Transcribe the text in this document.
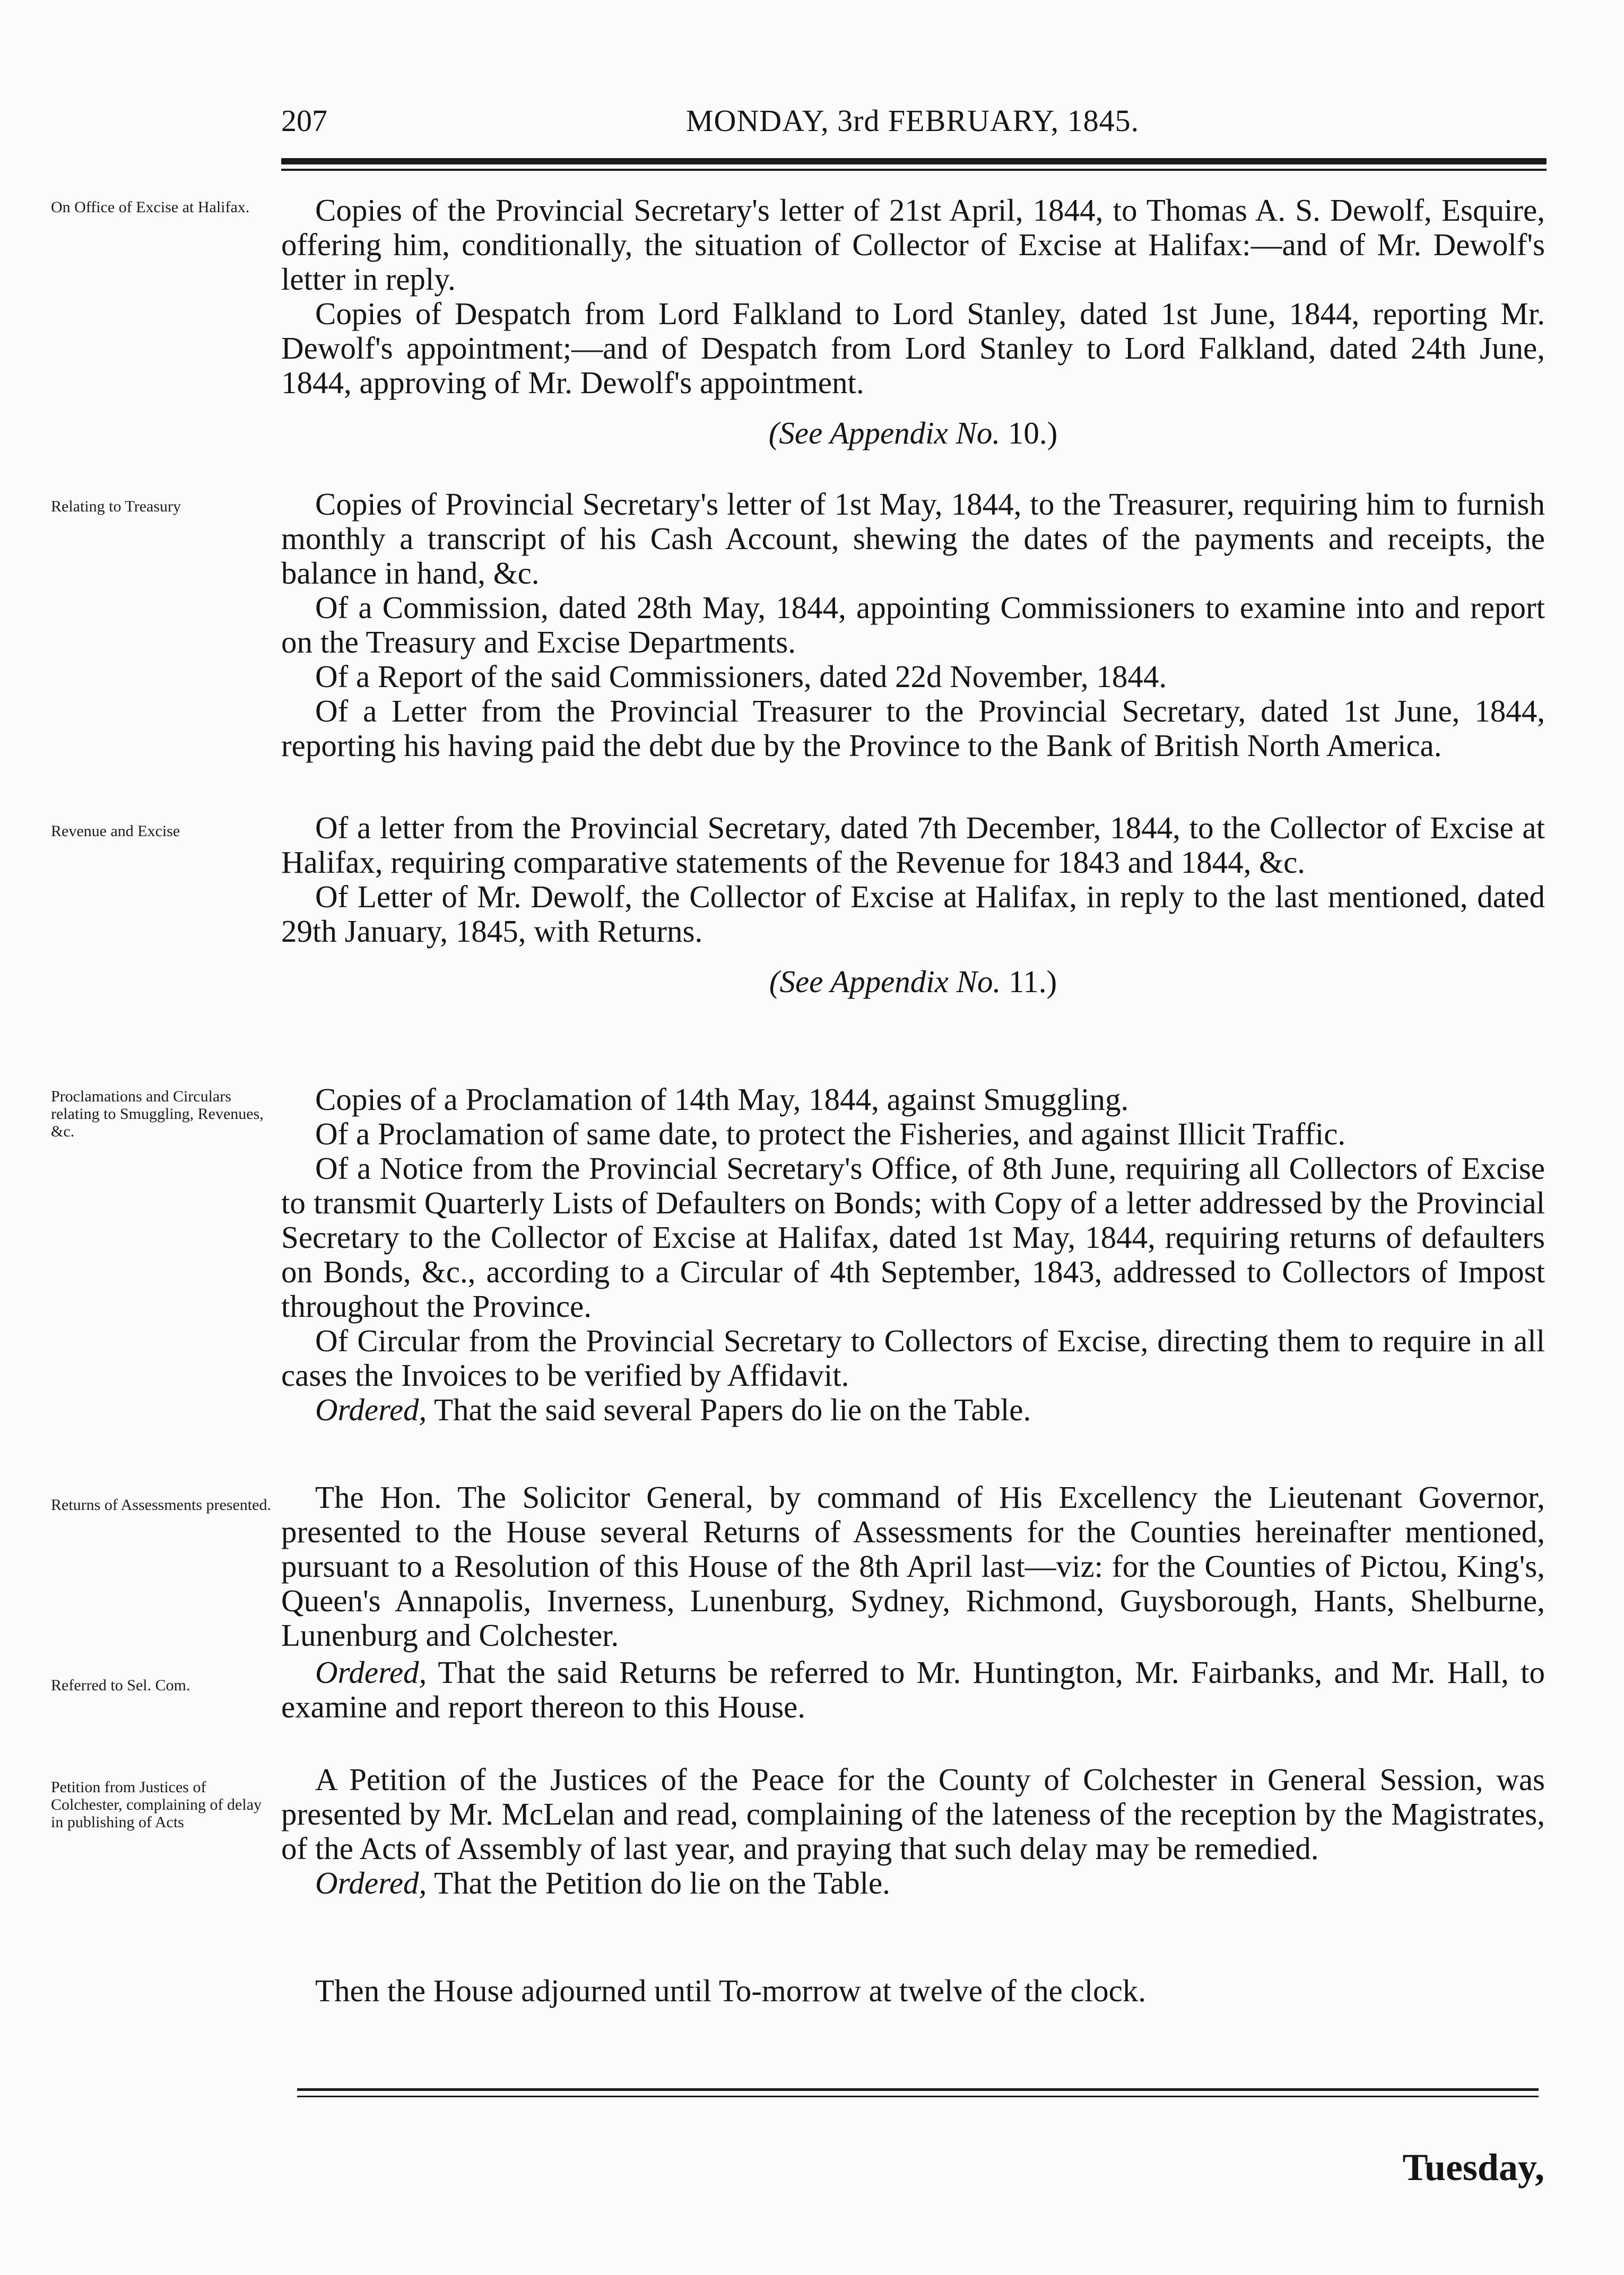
207	MONDAY, 3rd FEBRUARY, 1845.
On Office of Excise at Halifax.	Copies of the Provincial Secretary's letter of 21st April, 1844, to Thomas A. S. Dewolf, Esquire, offering him, conditionally, the situation of Collector of Excise at Halifax:—and of Mr. Dewolf's letter in reply.

Copies of Despatch from Lord Falkland to Lord Stanley, dated 1st June, 1844, reporting Mr. Dewolf's appointment;—and of Despatch from Lord Stanley to Lord Falkland, dated 24th June, 1844, approving of Mr. Dewolf's appointment.

(See Appendix No. 10.)

Relating to Treasury	Copies of Provincial Secretary's letter of 1st May, 1844, to the Treasurer, requiring him to furnish monthly a transcript of his Cash Account, shewing the dates of the payments and receipts, the balance in hand, &c.

Of a Commission, dated 28th May, 1844, appointing Commissioners to examine into and report on the Treasury and Excise Departments.

Of a Report of the said Commissioners, dated 22d November, 1844.

Of a Letter from the Provincial Treasurer to the Provincial Secretary, dated 1st June, 1844, reporting his having paid the debt due by the Province to the Bank of British North America.

Revenue and Excise	Of a letter from the Provincial Secretary, dated 7th December, 1844, to the Collector of Excise at Halifax, requiring comparative statements of the Revenue for 1843 and 1844, &c.

Of Letter of Mr. Dewolf, the Collector of Excise at Halifax, in reply to the last mentioned, dated 29th January, 1845, with Returns.

(See Appendix No. 11.)

Proclamations and Circulars relating to Smuggling, Revenues, &c.

Copies of a Proclamation of 14th May, 1844, against Smuggling.

Of a Proclamation of same date, to protect the Fisheries, and against Illicit Traffic.

Of a Notice from the Provincial Secretary's Office, of 8th June, requiring all Collectors of Excise to transmit Quarterly Lists of Defaulters on Bonds; with Copy of a letter addressed by the Provincial Secretary to the Collector of Excise at Halifax, dated 1st May, 1844, requiring returns of defaulters on Bonds, &c., according to a Circular of 4th September, 1843, addressed to Collectors of Impost throughout the Province.

Of Circular from the Provincial Secretary to Collectors of Excise, directing them to require in all cases the Invoices to be verified by Affidavit.

Ordered, That the said several Papers do lie on the Table.

Returns of Assessments presented.	The Hon. The Solicitor General, by command of His Excellency the Lieutenant Governor, presented to the House several Returns of Assessments for the Counties hereinafter mentioned, pursuant to a Resolution of this House of the 8th April last—viz: for the Counties of Pictou, King's, Queen's Annapolis, Inverness, Lunenburg, Sydney, Richmond, Guysborough, Hants, Shelburne, Lunenburg and Colchester.

Referred to Sel. Com.	Ordered, That the said Returns be referred to Mr. Huntington, Mr. Fairbanks, and Mr. Hall, to examine and report thereon to this House.

Petition from Justices of Colchester, complaining of delay in publishing of Acts

A Petition of the Justices of the Peace for the County of Colchester in General Session, was presented by Mr. McLelan and read, complaining of the lateness of the reception by the Magistrates, of the Acts of Assembly of last year, and praying that such delay may be remedied.

Ordered, That the Petition do lie on the Table.

Then the House adjourned until To-morrow at twelve of the clock.

Tuesday,
